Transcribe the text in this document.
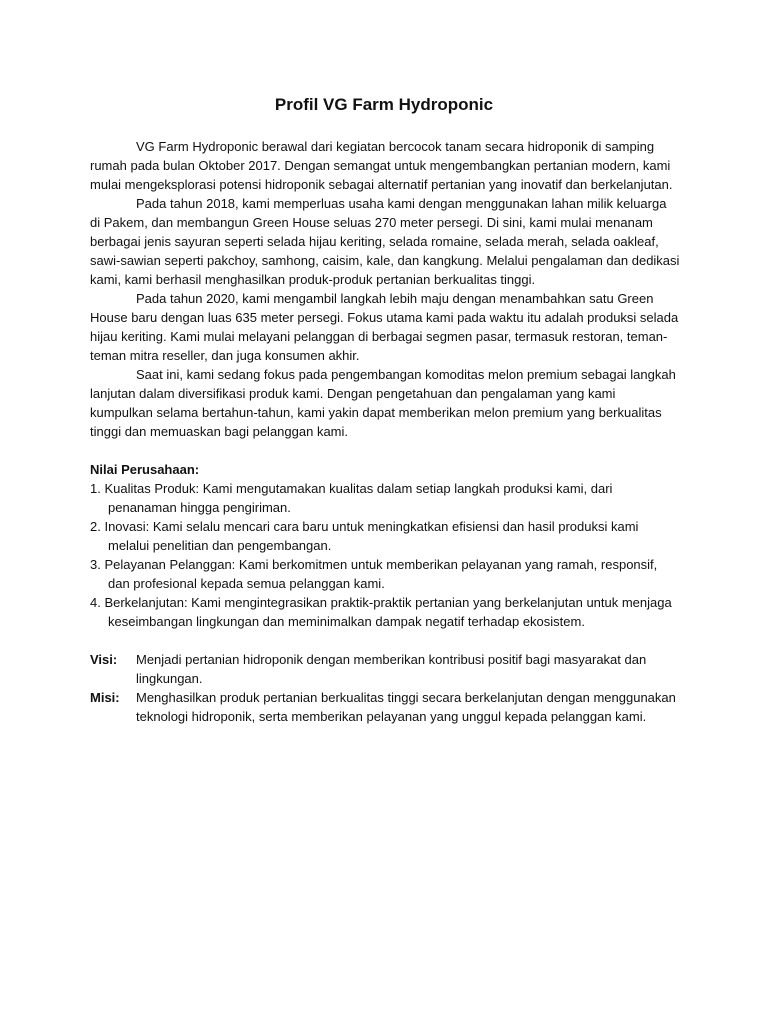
Profil VG Farm Hydroponic

VG Farm Hydroponic berawal dari kegiatan bercocok tanam secara hidroponik di samping rumah pada bulan Oktober 2017. Dengan semangat untuk mengembangkan pertanian modern, kami mulai mengeksplorasi potensi hidroponik sebagai alternatif pertanian yang inovatif dan berkelanjutan.

Pada tahun 2018, kami memperluas usaha kami dengan menggunakan lahan milik keluarga di Pakem, dan membangun Green House seluas 270 meter persegi. Di sini, kami mulai menanam berbagai jenis sayuran seperti selada hijau keriting, selada romaine, selada merah, selada oakleaf, sawi-sawian seperti pakchoy, samhong, caisim, kale, dan kangkung. Melalui pengalaman dan dedikasi kami, kami berhasil menghasilkan produk-produk pertanian berkualitas tinggi.

Pada tahun 2020, kami mengambil langkah lebih maju dengan menambahkan satu Green House baru dengan luas 635 meter persegi. Fokus utama kami pada waktu itu adalah produksi selada hijau keriting. Kami mulai melayani pelanggan di berbagai segmen pasar, termasuk restoran, teman-teman mitra reseller, dan juga konsumen akhir.

Saat ini, kami sedang fokus pada pengembangan komoditas melon premium sebagai langkah lanjutan dalam diversifikasi produk kami. Dengan pengetahuan dan pengalaman yang kami kumpulkan selama bertahun-tahun, kami yakin dapat memberikan melon premium yang berkualitas tinggi dan memuaskan bagi pelanggan kami.

Nilai Perusahaan:
1. Kualitas Produk: Kami mengutamakan kualitas dalam setiap langkah produksi kami, dari penanaman hingga pengiriman.
2. Inovasi: Kami selalu mencari cara baru untuk meningkatkan efisiensi dan hasil produksi kami melalui penelitian dan pengembangan.
3. Pelayanan Pelanggan: Kami berkomitmen untuk memberikan pelayanan yang ramah, responsif, dan profesional kepada semua pelanggan kami.
4. Berkelanjutan: Kami mengintegrasikan praktik-praktik pertanian yang berkelanjutan untuk menjaga keseimbangan lingkungan dan meminimalkan dampak negatif terhadap ekosistem.
Visi:	Menjadi pertanian hidroponik dengan memberikan kontribusi positif bagi masyarakat dan lingkungan.
Misi:	Menghasilkan produk pertanian berkualitas tinggi secara berkelanjutan dengan menggunakan teknologi hidroponik, serta memberikan pelayanan yang unggul kepada pelanggan kami.
